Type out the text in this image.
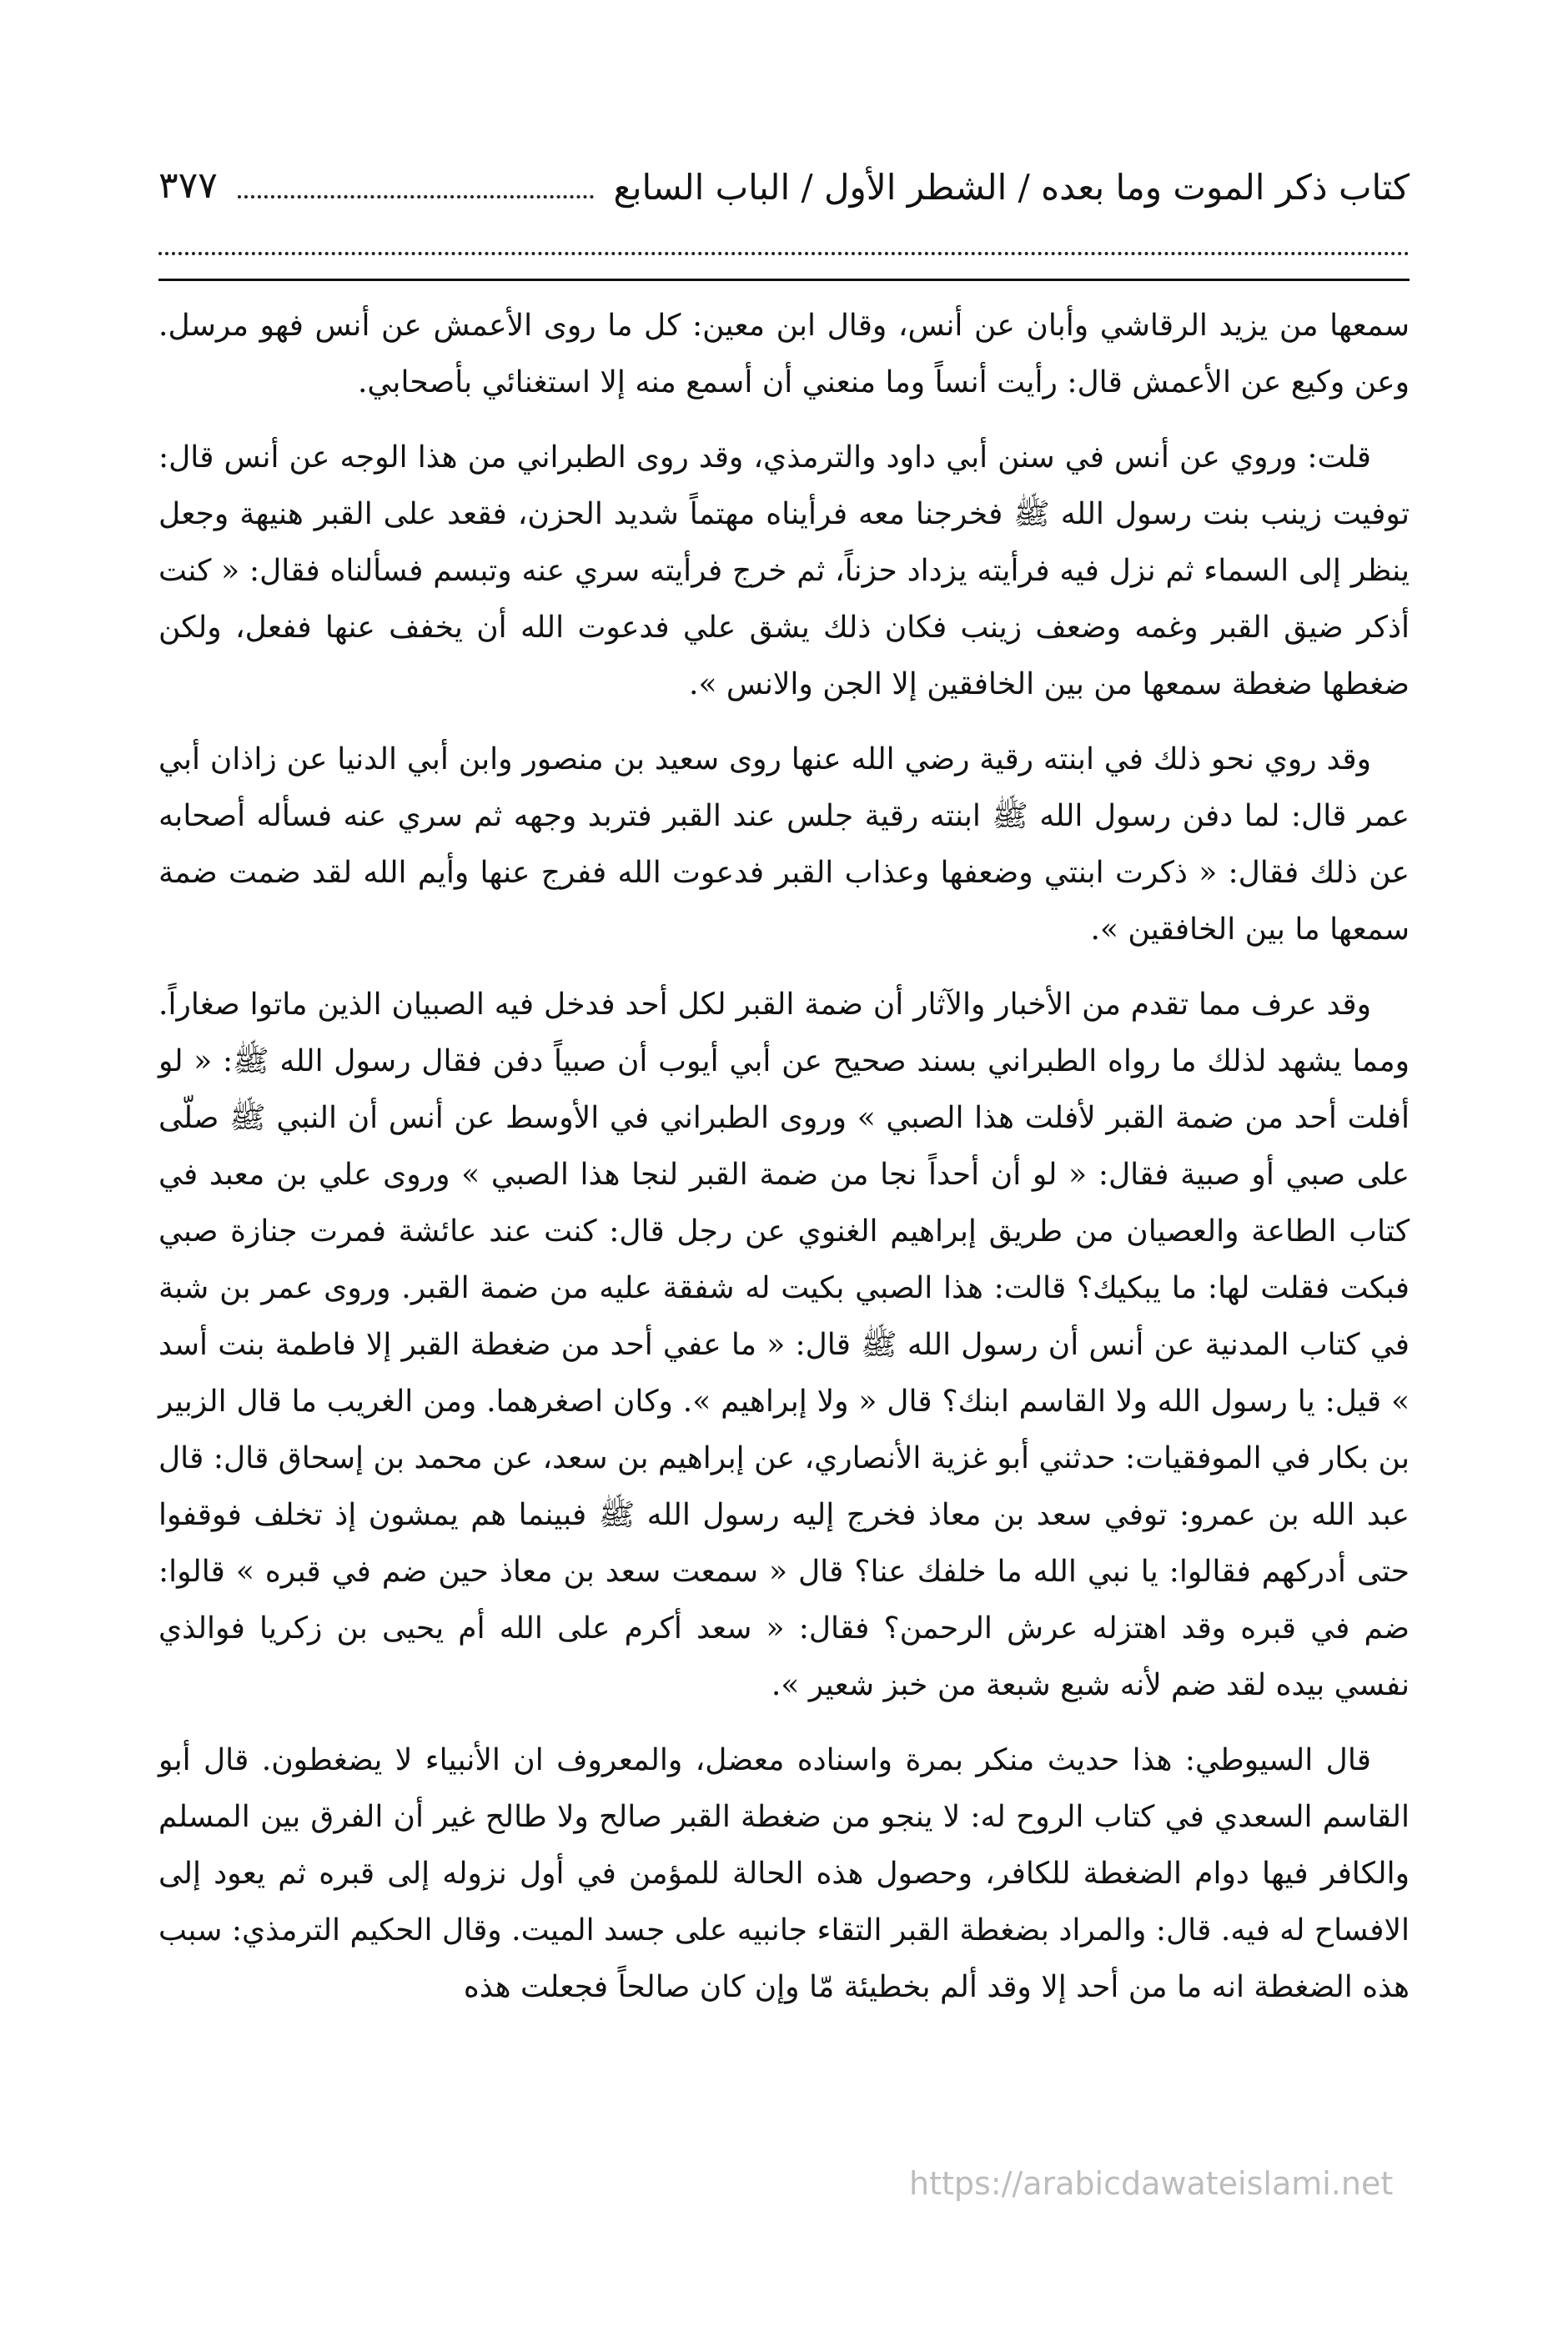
كتاب ذكر الموت وما بعده / الشطر الأول / الباب السابع
٣٧٧

سمعها من يزيد الرقاشي وأبان عن أنس، وقال ابن معين: كل ما روى الأعمش عن أنس فهو مرسل. وعن وكيع عن الأعمش قال: رأيت أنساً وما منعني أن أسمع منه إلا استغنائي بأصحابي.

قلت: وروي عن أنس في سنن أبي داود والترمذي، وقد روى الطبراني من هذا الوجه عن أنس قال: توفيت زينب بنت رسول الله ﷺ فخرجنا معه فرأيناه مهتماً شديد الحزن، فقعد على القبر هنيهة وجعل ينظر إلى السماء ثم نزل فيه فرأيته يزداد حزناً، ثم خرج فرأيته سري عنه وتبسم فسألناه فقال: « كنت أذكر ضيق القبر وغمه وضعف زينب فكان ذلك يشق علي فدعوت الله أن يخفف عنها ففعل، ولكن ضغطها ضغطة سمعها من بين الخافقين إلا الجن والانس ».

وقد روي نحو ذلك في ابنته رقية رضي الله عنها روى سعيد بن منصور وابن أبي الدنيا عن زاذان أبي عمر قال: لما دفن رسول الله ﷺ ابنته رقية جلس عند القبر فتربد وجهه ثم سري عنه فسأله أصحابه عن ذلك فقال: « ذكرت ابنتي وضعفها وعذاب القبر فدعوت الله ففرج عنها وأيم الله لقد ضمت ضمة سمعها ما بين الخافقين ».

وقد عرف مما تقدم من الأخبار والآثار أن ضمة القبر لكل أحد فدخل فيه الصبيان الذين ماتوا صغاراً. ومما يشهد لذلك ما رواه الطبراني بسند صحيح عن أبي أيوب أن صبياً دفن فقال رسول الله ﷺ: « لو أفلت أحد من ضمة القبر لأفلت هذا الصبي » وروى الطبراني في الأوسط عن أنس أن النبي ﷺ صلّى على صبي أو صبية فقال: « لو أن أحداً نجا من ضمة القبر لنجا هذا الصبي » وروى علي بن معبد في كتاب الطاعة والعصيان من طريق إبراهيم الغنوي عن رجل قال: كنت عند عائشة فمرت جنازة صبي فبكت فقلت لها: ما يبكيك؟ قالت: هذا الصبي بكيت له شفقة عليه من ضمة القبر. وروى عمر بن شبة في كتاب المدنية عن أنس أن رسول الله ﷺ قال: « ما عفي أحد من ضغطة القبر إلا فاطمة بنت أسد » قيل: يا رسول الله ولا القاسم ابنك؟ قال « ولا إبراهيم ». وكان اصغرهما. ومن الغريب ما قال الزبير بن بكار في الموفقيات: حدثني أبو غزية الأنصاري، عن إبراهيم بن سعد، عن محمد بن إسحاق قال: قال عبد الله بن عمرو: توفي سعد بن معاذ فخرج إليه رسول الله ﷺ فبينما هم يمشون إذ تخلف فوقفوا حتى أدركهم فقالوا: يا نبي الله ما خلفك عنا؟ قال « سمعت سعد بن معاذ حين ضم في قبره » قالوا: ضم في قبره وقد اهتزله عرش الرحمن؟ فقال: « سعد أكرم على الله أم يحيى بن زكريا فوالذي نفسي بيده لقد ضم لأنه شبع شبعة من خبز شعير ».

قال السيوطي: هذا حديث منكر بمرة واسناده معضل، والمعروف ان الأنبياء لا يضغطون. قال أبو القاسم السعدي في كتاب الروح له: لا ينجو من ضغطة القبر صالح ولا طالح غير أن الفرق بين المسلم والكافر فيها دوام الضغطة للكافر، وحصول هذه الحالة للمؤمن في أول نزوله إلى قبره ثم يعود إلى الافساح له فيه. قال: والمراد بضغطة القبر التقاء جانبيه على جسد الميت. وقال الحكيم الترمذي: سبب هذه الضغطة انه ما من أحد إلا وقد ألم بخطيئة مّا وإن كان صالحاً فجعلت هذه

https://arabicdawateislami.net
